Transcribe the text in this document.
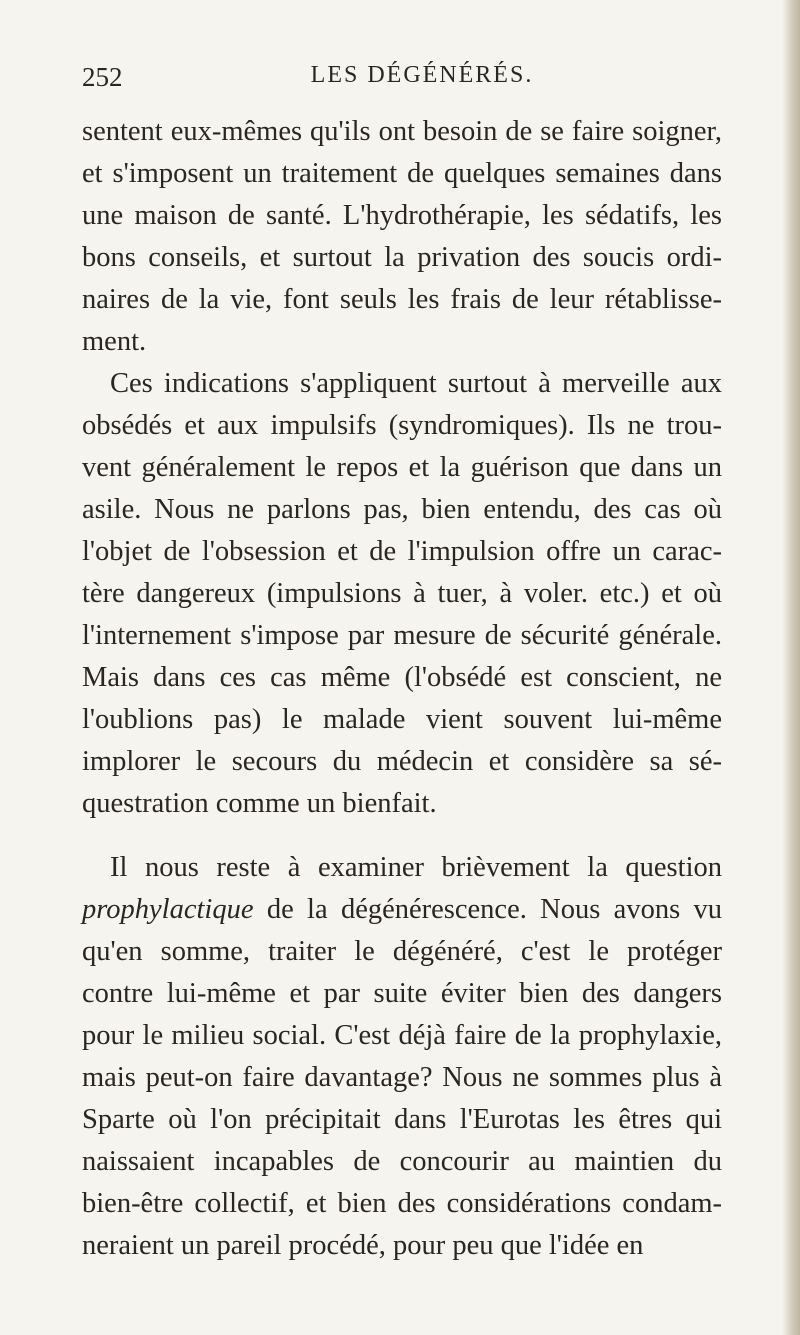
252	LES DÉGÉNÉRÉS.
sentent eux-mêmes qu'ils ont besoin de se faire soigner,
et s'imposent un traitement de quelques semaines dans
une maison de santé. L'hydrothérapie, les sédatifs, les
bons conseils, et surtout la privation des soucis ordi-
naires de la vie, font seuls les frais de leur rétablisse-
ment.
Ces indications s'appliquent surtout à merveille aux
obsédés et aux impulsifs (syndromiques). Ils ne trou-
vent généralement le repos et la guérison que dans un
asile. Nous ne parlons pas, bien entendu, des cas où
l'objet de l'obsession et de l'impulsion offre un carac-
tère dangereux (impulsions à tuer, à voler. etc.) et où
l'internement s'impose par mesure de sécurité générale.
Mais dans ces cas même (l'obsédé est conscient, ne
l'oublions pas) le malade vient souvent lui-même
implorer le secours du médecin et considère sa sé-
questration comme un bienfait.
Il nous reste à examiner brièvement la question
prophylactique de la dégénérescence. Nous avons vu
qu'en somme, traiter le dégénéré, c'est le protéger
contre lui-même et par suite éviter bien des dangers
pour le milieu social. C'est déjà faire de la prophylaxie,
mais peut-on faire davantage? Nous ne sommes plus à
Sparte où l'on précipitait dans l'Eurotas les êtres qui
naissaient incapables de concourir au maintien du
bien-être collectif, et bien des considérations condam-
neraient un pareil procédé, pour peu que l'idée en
